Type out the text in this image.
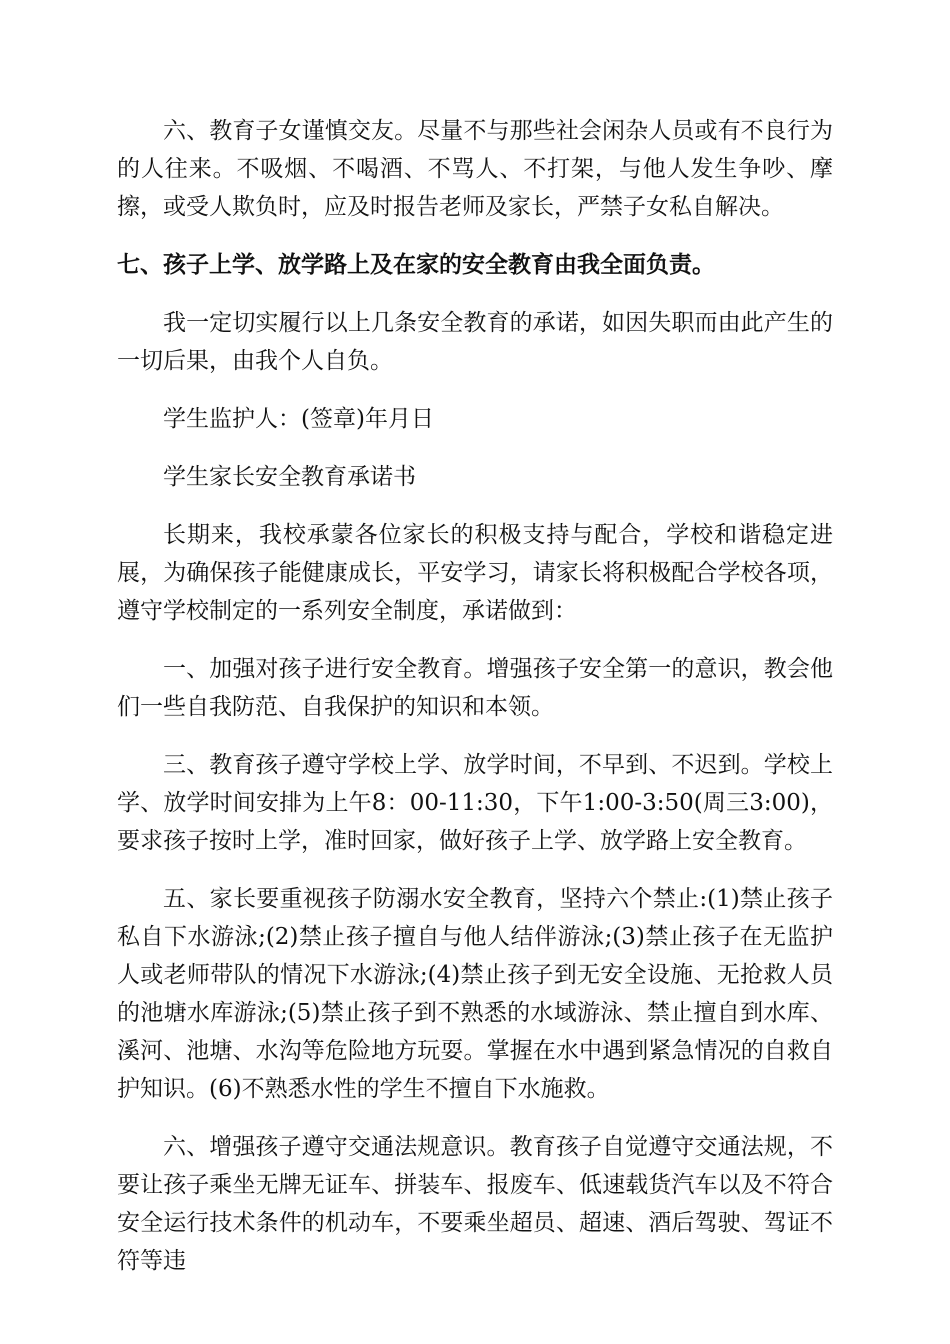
六、教育子女谨慎交友。尽量不与那些社会闲杂人员或有不良行为的人往来。不吸烟、不喝酒、不骂人、不打架，与他人发生争吵、摩擦，或受人欺负时，应及时报告老师及家长，严禁子女私自解决。

七、孩子上学、放学路上及在家的安全教育由我全面负责。

我一定切实履行以上几条安全教育的承诺，如因失职而由此产生的一切后果，由我个人自负。

学生监护人：(签章)年月日

学生家长安全教育承诺书

长期来，我校承蒙各位家长的积极支持与配合，学校和谐稳定进展，为确保孩子能健康成长，平安学习，请家长将积极配合学校各项，遵守学校制定的一系列安全制度，承诺做到：

一、加强对孩子进行安全教育。增强孩子安全第一的意识，教会他们一些自我防范、自我保护的知识和本领。

三、教育孩子遵守学校上学、放学时间，不早到、不迟到。学校上学、放学时间安排为上午8：00-11:30，下午1:00-3:50(周三3:00)，要求孩子按时上学，准时回家，做好孩子上学、放学路上安全教育。

五、家长要重视孩子防溺水安全教育，坚持六个禁止:(1)禁止孩子私自下水游泳;(2)禁止孩子擅自与他人结伴游泳;(3)禁止孩子在无监护人或老师带队的情况下水游泳;(4)禁止孩子到无安全设施、无抢救人员的池塘水库游泳;(5)禁止孩子到不熟悉的水域游泳、禁止擅自到水库、溪河、池塘、水沟等危险地方玩耍。掌握在水中遇到紧急情况的自救自护知识。(6)不熟悉水性的学生不擅自下水施救。

六、增强孩子遵守交通法规意识。教育孩子自觉遵守交通法规，不要让孩子乘坐无牌无证车、拼装车、报废车、低速载货汽车以及不符合安全运行技术条件的机动车，不要乘坐超员、超速、酒后驾驶、驾证不符等违
